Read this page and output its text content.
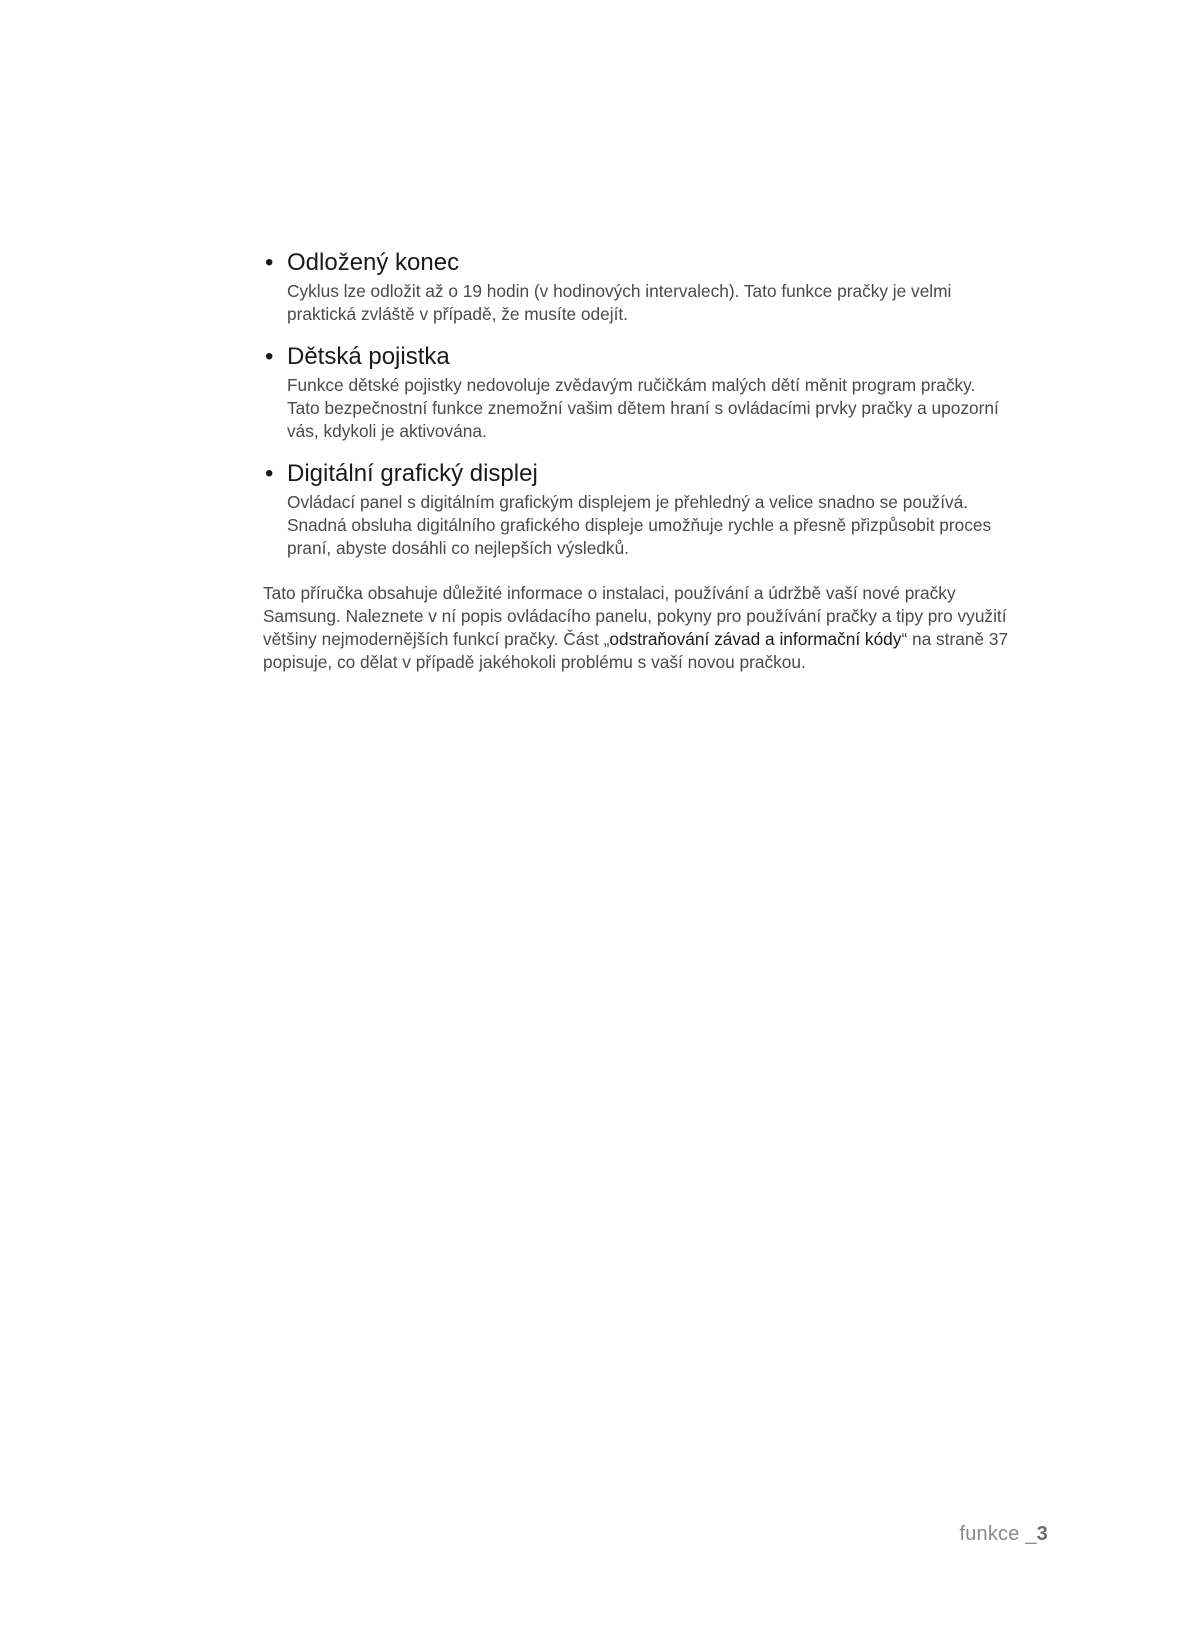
• Odložený konec

Cyklus lze odložit až o 19 hodin (v hodinových intervalech). Tato funkce pračky je velmi
praktická zvláště v případě, že musíte odejít.

• Dětská pojistka

Funkce dětské pojistky nedovoluje zvědavým ručičkám malých dětí měnit program pračky.
Tato bezpečnostní funkce znemožní vašim dětem hraní s ovládacími prvky pračky a upozorní
vás, kdykoli je aktivována.

• Digitální grafický displej

Ovládací panel s digitálním grafickým displejem je přehledný a velice snadno se používá.
Snadná obsluha digitálního grafického displeje umožňuje rychle a přesně přizpůsobit proces
praní, abyste dosáhli co nejlepších výsledků.

Tato příručka obsahuje důležité informace o instalaci, používání a údržbě vaší nové pračky
Samsung. Naleznete v ní popis ovládacího panelu, pokyny pro používání pračky a tipy pro využití
většiny nejmodernějších funkcí pračky. Část „odstraňování závad a informační kódy“ na straně 37
popisuje, co dělat v případě jakéhokoli problému s vaší novou pračkou.

funkce _3
